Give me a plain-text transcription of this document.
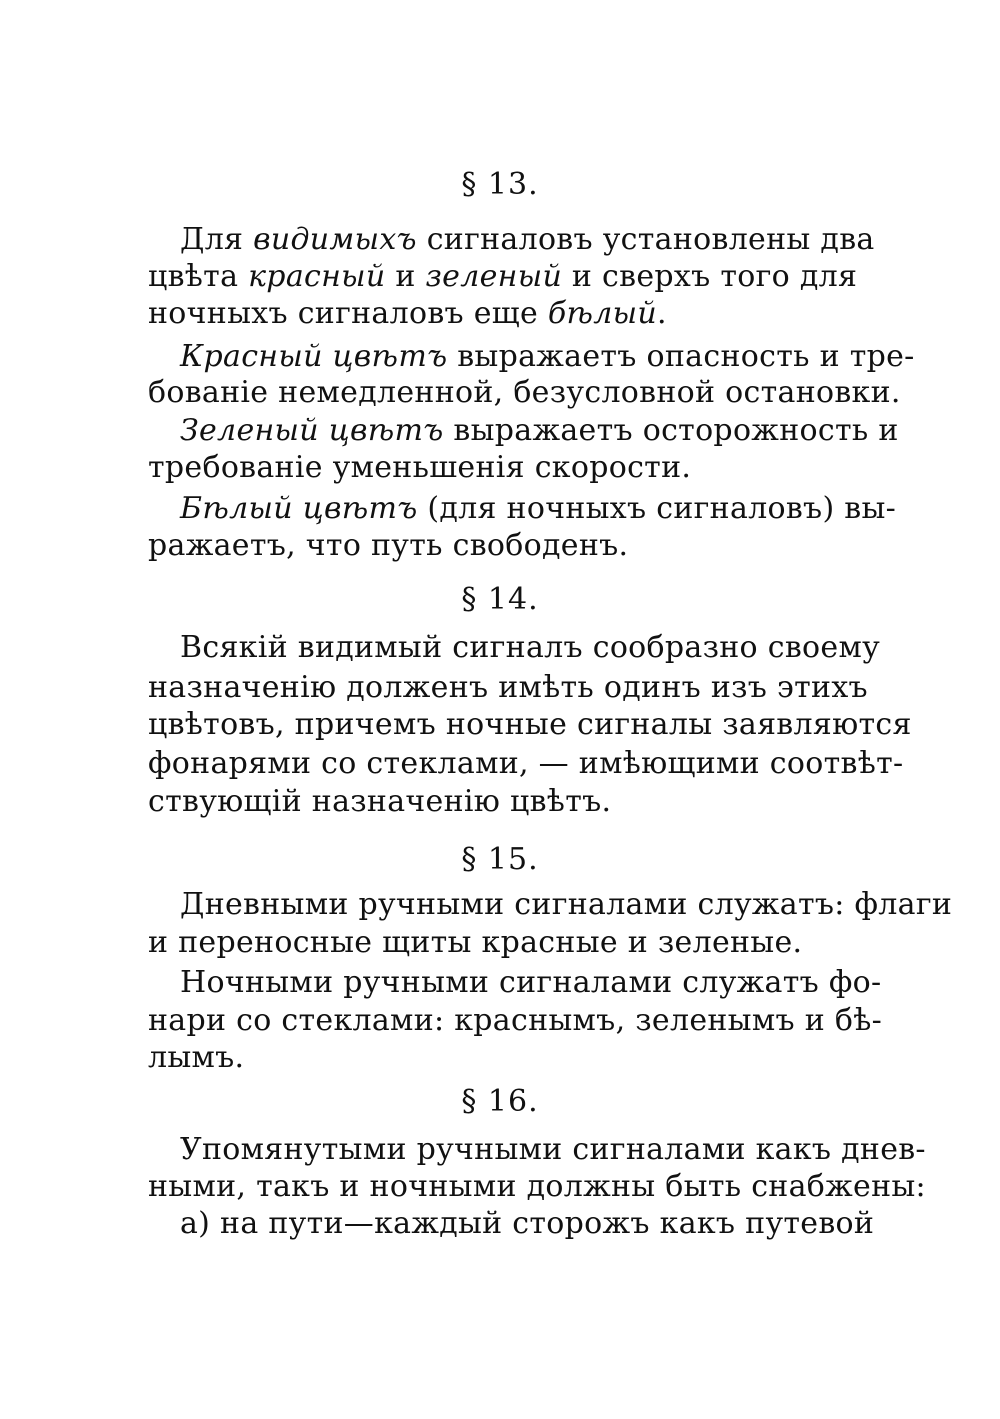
§ 13.
Для видимыхъ сигналовъ установлены два
цвѣта красный и зеленый и сверхъ того для
ночныхъ сигналовъ еще бѣлый.
Красный цвѣтъ выражаетъ опасность и тре-
бованіе немедленной, безусловной остановки.
Зеленый цвѣтъ выражаетъ осторожность и
требованіе уменьшенія скорости.
Бѣлый цвѣтъ (для ночныхъ сигналовъ) вы-
ражаетъ, что путь свободенъ.
§ 14.
Всякій видимый сигналъ сообразно своему
назначенію долженъ имѣть одинъ изъ этихъ
цвѣтовъ, причемъ ночные сигналы заявляются
фонарями со стеклами, — имѣющими соотвѣт-
ствующій назначенію цвѣтъ.
§ 15.
Дневными ручными сигналами служатъ: флаги
и переносные щиты красные и зеленые.
Ночными ручными сигналами служатъ фо-
нари со стеклами: краснымъ, зеленымъ и бѣ-
лымъ.
§ 16.
Упомянутыми ручными сигналами какъ днев-
ными, такъ и ночными должны быть снабжены:
а) на пути—каждый сторожъ какъ путевой
